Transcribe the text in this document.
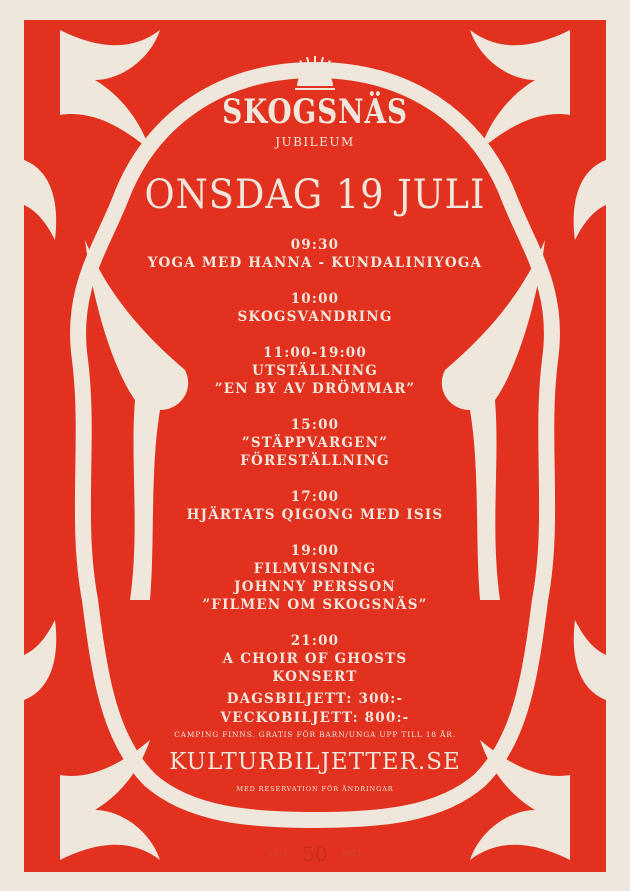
SKOGSNÄS
JUBILEUM
ONSDAG 19 JULI
09:30
YOGA MED HANNA - KUNDALINIYOGA
10:00
SKOGSVANDRING
11:00-19:00
UTSTÄLLNING
”EN BY AV DRÖMMAR”
15:00
”STÄPPVARGEN”
FÖRESTÄLLNING
17:00
HJÄRTATS QIGONG MED ISIS
19:00
FILMVISNING
JOHNNY PERSSON
”FILMEN OM SKOGSNÄS”
21:00
A CHOIR OF GHOSTS
KONSERT
DAGSBILJETT: 300:-
VECKOBILJETT: 800:-
CAMPING FINNS. GRATIS FÖR BARN/UNGA UPP TILL 18 ÅR.
KULTURBILJETTER.SE
MED RESERVATION FÖR ÄNDRINGAR
1973 50 2023
